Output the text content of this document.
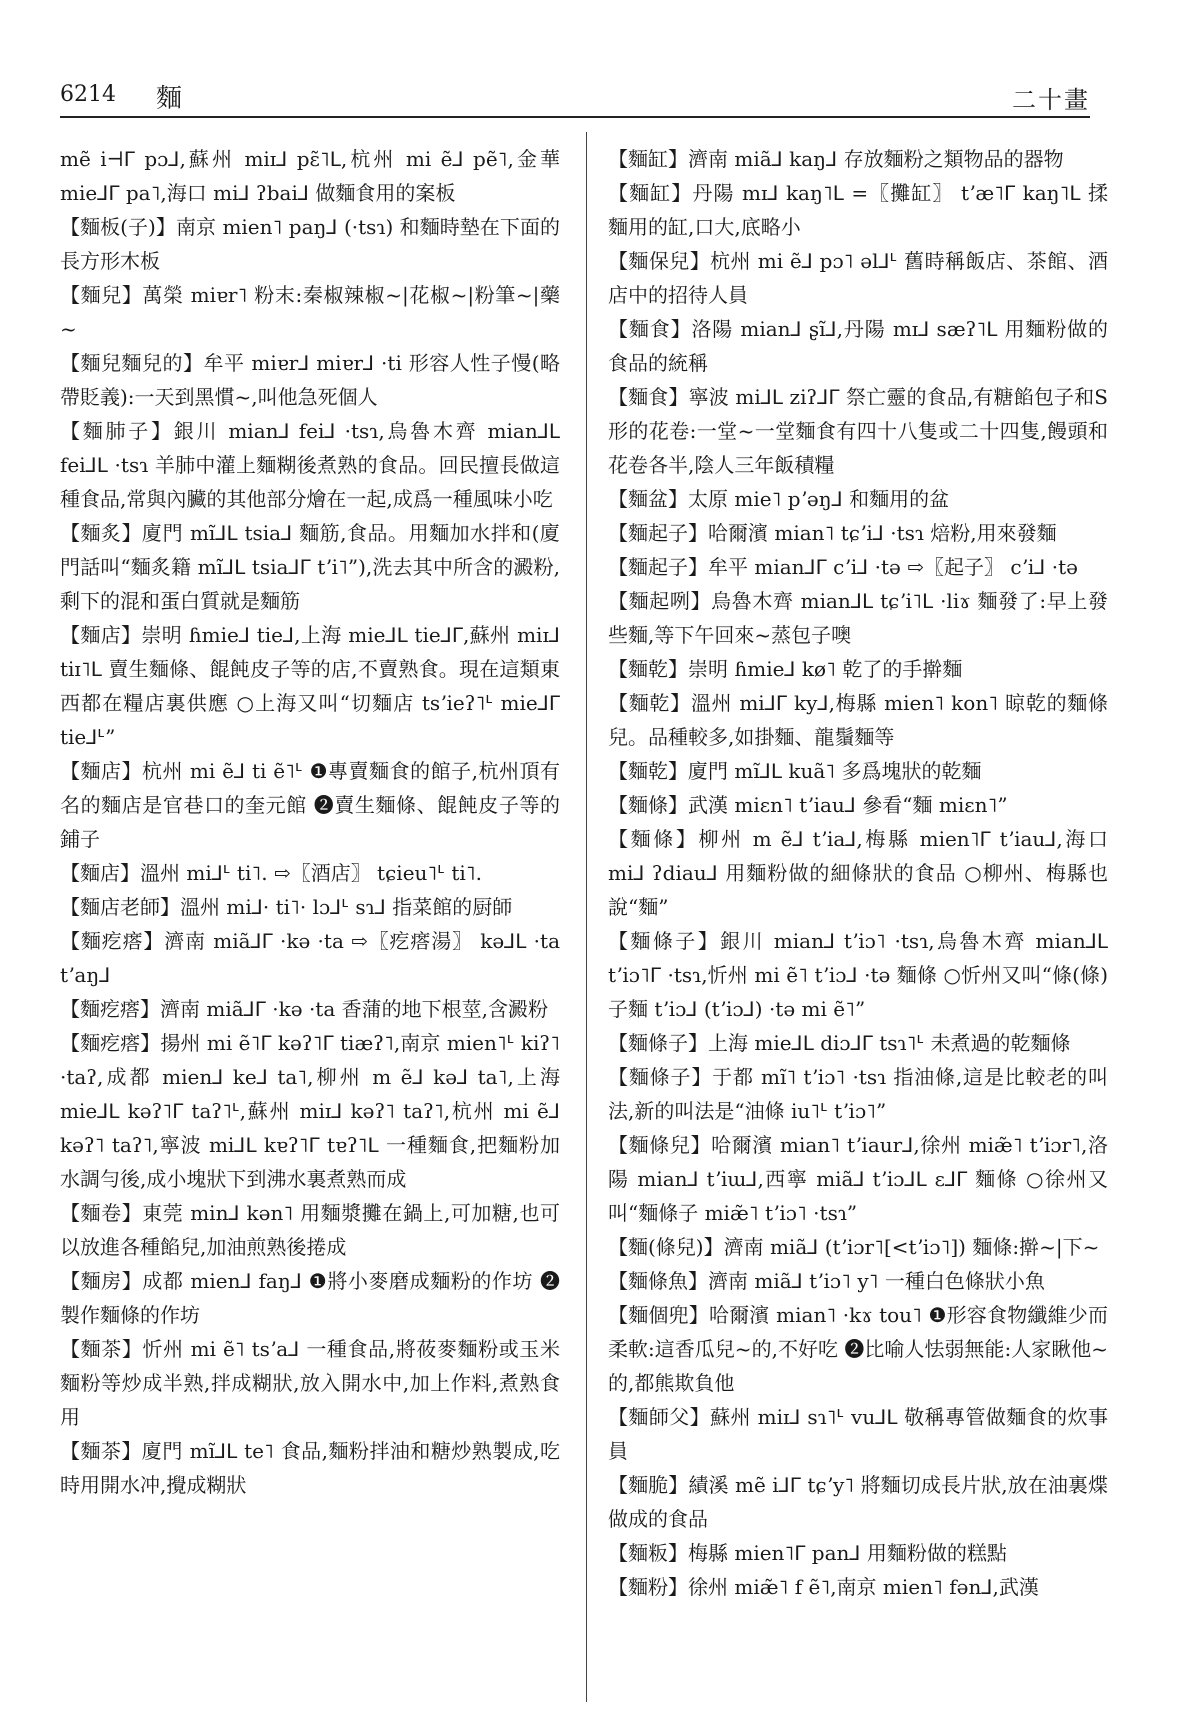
6214 麵	二十畫

mẽ i⊣ᒥ pɔ⅃,蘇州 miɪ⅃ pɛ̃˥ᒪ,杭州 mi ẽ⅃ pẽ˥,金華 mie⅃ᒥ pa˥,海口 mi⅃ ʔbai⅃ 做麵食用的案板

【麵板(子)】南京 mien˥ paŋ⅃ (·tsɿ) 和麵時墊在下面的長方形木板

【麵兒】萬榮 miɐr˥ 粉末:秦椒辣椒~|花椒~|粉筆~|藥~

【麵兒麵兒的】牟平 miɐr⅃ miɐr⅃ ·ti 形容人性子慢(略帶貶義):一天到黑慣~,叫他急死個人

【麵肺子】銀川 mian⅃ fei⅃ ·tsɿ,烏魯木齊 mian⅃ᒪ fei⅃ᒪ ·tsɿ 羊肺中灌上麵糊後煮熟的食品。回民擅長做這種食品,常與內臟的其他部分燴在一起,成爲一種風味小吃

【麵炙】廈門 mĩ⅃ᒪ tsia⅃ 麵筋,食品。用麵加水拌和(廈門話叫“麵炙籍 mĩ⅃ᒪ tsia⅃ᒥ tʼi˥”),洗去其中所含的澱粉,剩下的混和蛋白質就是麵筋

【麵店】崇明 ɦmie⅃ tie⅃,上海 mie⅃ᒪ tie⅃ᒥ,蘇州 miɪ⅃ tiɪ˥ᒪ 賣生麵條、餛飩皮子等的店,不賣熟食。現在這類東西都在糧店裏供應 ○上海又叫“切麵店 tsʼieʔ˥ᒻ mie⅃ᒥ tie⅃ᒻ”

【麵店】杭州 mi ẽ⅃ ti ẽ˥ᒻ ❶專賣麵食的館子,杭州頂有名的麵店是官巷口的奎元館 ❷賣生麵條、餛飩皮子等的鋪子

【麵店】溫州 mi⅃ᒻ ti˥. ⇨〖酒店〗 tɕieu˥ᒻ ti˥.

【麵店老師】溫州 mi⅃· ti˥· lɔ⅃ᒻ sɿ⅃ 指菜館的厨師

【麵疙瘩】濟南 miã⅃ᒥ ·kə ·ta ⇨〖疙瘩湯〗 kə⅃ᒪ ·ta tʼaŋ⅃

【麵疙瘩】濟南 miã⅃ᒥ ·kə ·ta 香蒲的地下根莖,含澱粉

【麵疙瘩】揚州 mi ẽ˥ᒥ kəʔ˥ᒥ tiæʔ˥,南京 mien˥ᒻ kiʔ˥ ·taʔ,成都 mien⅃ ke⅃ ta˥,柳州 m ẽ⅃ kə⅃ ta˥,上海 mie⅃ᒪ kəʔ˥ᒥ taʔ˥ᒻ,蘇州 miɪ⅃ kəʔ˥ taʔ˥,杭州 mi ẽ⅃ kəʔ˥ taʔ˥,寧波 mi⅃ᒪ kɐʔ˥ᒥ tɐʔ˥ᒪ 一種麵食,把麵粉加水調勻後,成小塊狀下到沸水裏煮熟而成

【麵卷】東莞 min⅃ kən˥ 用麵漿攤在鍋上,可加糖,也可以放進各種餡兒,加油煎熟後捲成

【麵房】成都 mien⅃ faŋ⅃ ❶將小麥磨成麵粉的作坊 ❷製作麵條的作坊

【麵茶】忻州 mi ẽ˥ tsʼa⅃ 一種食品,將莜麥麵粉或玉米麵粉等炒成半熟,拌成糊狀,放入開水中,加上作料,煮熟食用

【麵茶】廈門 mĩ⅃ᒪ te˥ 食品,麵粉拌油和糖炒熟製成,吃時用開水冲,攪成糊狀

【麵缸】濟南 miã⅃ kaŋ⅃ 存放麵粉之類物品的器物

【麵缸】丹陽 mɪ⅃ kaŋ˥ᒪ =〖攤缸〗 tʼæ˥ᒥ kaŋ˥ᒪ 揉麵用的缸,口大,底略小

【麵保兒】杭州 mi ẽ⅃ pɔ˥ əl⅃ᒻ 舊時稱飯店、茶館、酒店中的招待人員

【麵食】洛陽 mian⅃ ʂĩ⅃,丹陽 mɪ⅃ sæʔ˥ᒪ 用麵粉做的食品的統稱

【麵食】寧波 mi⅃ᒪ ziʔ⅃ᒥ 祭亡靈的食品,有糖餡包子和S形的花卷:一堂~一堂麵食有四十八隻或二十四隻,饅頭和花卷各半,陰人三年飯積糧

【麵盆】太原 mie˥ pʼəŋ⅃ 和麵用的盆

【麵起子】哈爾濱 mian˥ tɕʼi⅃ ·tsɿ 焙粉,用來發麵

【麵起子】牟平 mian⅃ᒥ cʼi⅃ ·tə ⇨〖起子〗 cʼi⅃ ·tə

【麵起咧】烏魯木齊 mian⅃ᒪ tɕʼi˥ᒪ ·liɤ 麵發了:早上發些麵,等下午回來~蒸包子噢

【麵乾】崇明 ɦmie⅃ kø˥ 乾了的手擀麵

【麵乾】溫州 mi⅃ᒥ ky⅃,梅縣 mien˥ kon˥ 晾乾的麵條兒。品種較多,如掛麵、龍鬚麵等

【麵乾】廈門 mĩ⅃ᒪ kuã˥ 多爲塊狀的乾麵

【麵條】武漢 miɛn˥ tʼiau⅃ 參看“麵 miɛn˥”

【麵條】柳州 m ẽ⅃ tʼia⅃,梅縣 mien˥ᒥ tʼiau⅃,海口 mi⅃ ʔdiau⅃ 用麵粉做的細條狀的食品 ○柳州、梅縣也說“麵”

【麵條子】銀川 mian⅃ tʼiɔ˥ ·tsɿ,烏魯木齊 mian⅃ᒪ tʼiɔ˥ᒥ ·tsɿ,忻州 mi ẽ˥ tʼiɔ⅃ ·tə 麵條 ○忻州又叫“條(條)子麵 tʼiɔ⅃ (tʼiɔ⅃) ·tə mi ẽ˥”

【麵條子】上海 mie⅃ᒪ diɔ⅃ᒥ tsɿ˥ᒻ 未煮過的乾麵條

【麵條子】于都 mĩ˥ tʼiɔ˥ ·tsɿ 指油條,這是比較老的叫法,新的叫法是“油條 iu˥ᒻ tʼiɔ˥”

【麵條兒】哈爾濱 mian˥ tʼiaur⅃,徐州 miæ̃˥ tʼiɔr˥,洛陽 mian⅃ tʼiɯ⅃,西寧 miã⅃ tʼiɔ⅃ᒪ ɛ⅃ᒥ 麵條 ○徐州又叫“麵條子 miæ̃˥ tʼiɔ˥ ·tsɿ”

【麵(條兒)】濟南 miã⅃ (tʼiɔr˥[<tʼiɔ˥]) 麵條:擀~|下~

【麵條魚】濟南 miã⅃ tʼiɔ˥ y˥ 一種白色條狀小魚

【麵個兜】哈爾濱 mian˥ ·kɤ tou˥ ❶形容食物纖維少而柔軟:這香瓜兒~的,不好吃 ❷比喻人怯弱無能:人家瞅他~的,都熊欺負他

【麵師父】蘇州 miɪ⅃ sɿ˥ᒻ vu⅃ᒪ 敬稱專管做麵食的炊事員

【麵脆】績溪 mẽ i⅃ᒥ tɕʼy˥ 將麵切成長片狀,放在油裏煠做成的食品

【麵粄】梅縣 mien˥ᒥ pan⅃ 用麵粉做的糕點

【麵粉】徐州 miæ̃˥ f ẽ˥,南京 mien˥ fən⅃,武漢
